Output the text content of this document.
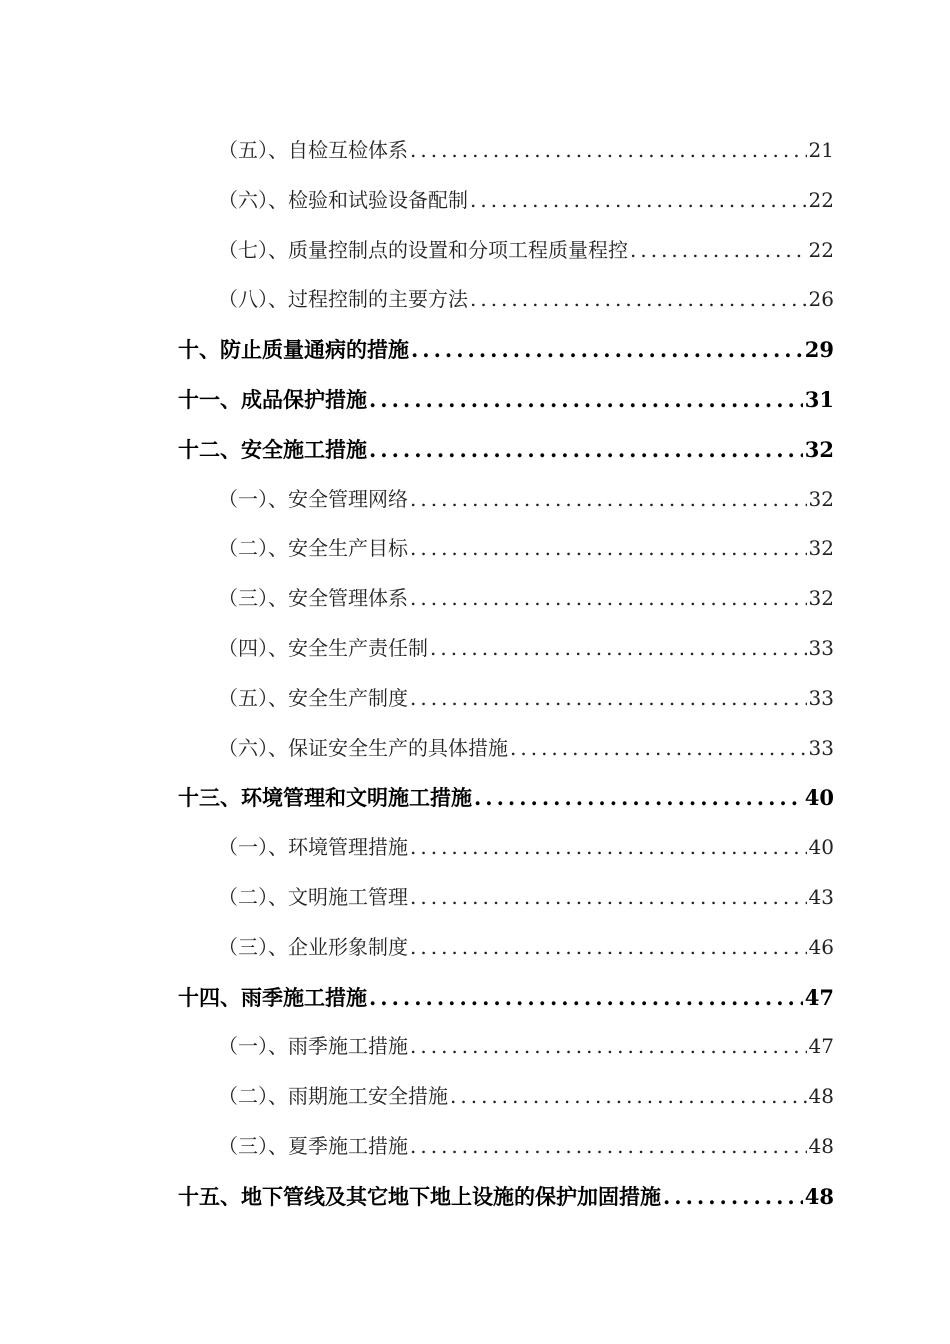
（五）、自检互检体系 .....	21
（六）、检验和试验设备配制 .....	22
（七）、质量控制点的设置和分项工程质量程控 .....	22
（八）、过程控制的主要方法 .....	26
十、防止质量通病的措施 .....	29
十一、成品保护措施 .....	31
十二、安全施工措施 .....	32
（一）、安全管理网络 .....	32
（二）、安全生产目标 .....	32
（三）、安全管理体系 .....	32
（四）、安全生产责任制 .....	33
（五）、安全生产制度 .....	33
（六）、保证安全生产的具体措施 .....	33
十三、环境管理和文明施工措施 .....	40
（一）、环境管理措施 .....	40
（二）、文明施工管理 .....	43
（三）、企业形象制度 .....	46
十四、雨季施工措施 .....	47
（一）、雨季施工措施 .....	47
（二）、雨期施工安全措施 .....	48
（三）、夏季施工措施 .....	48
十五、地下管线及其它地下地上设施的保护加固措施 .....	48
